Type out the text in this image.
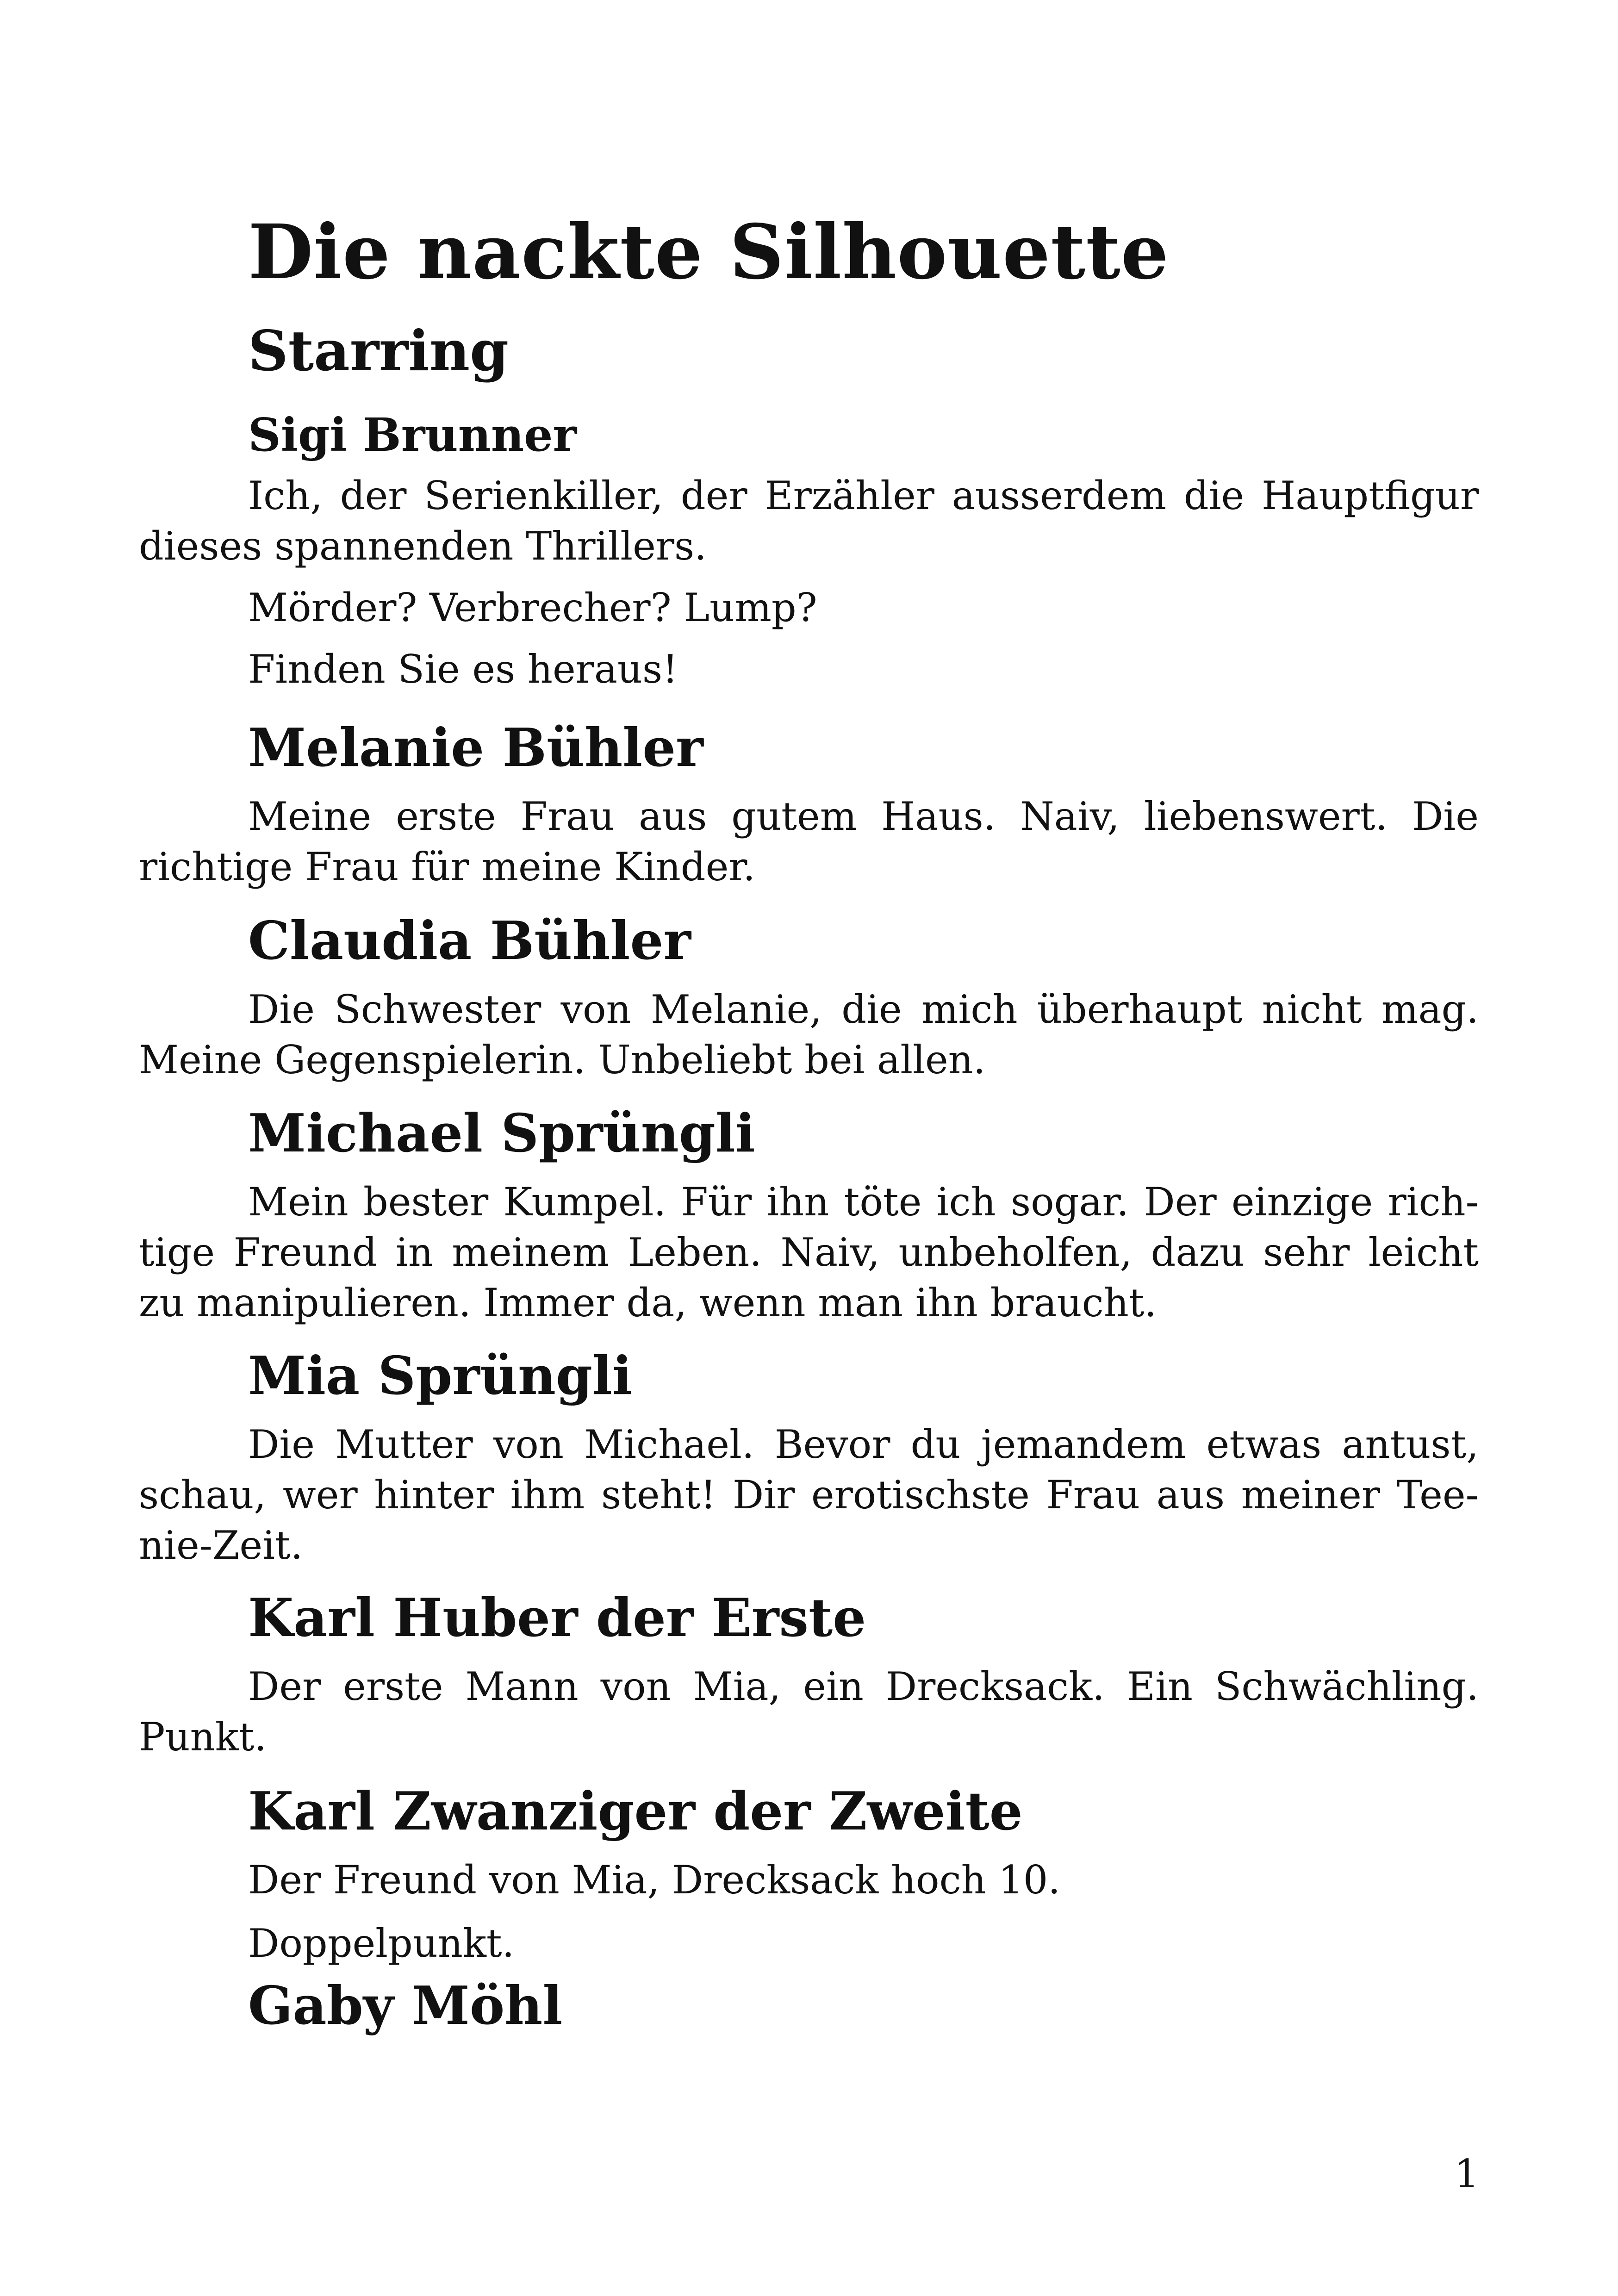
Die nackte Silhouette
Starring
Sigi Brunner

Ich, der Serienkiller, der Erzähler ausserdem die Hauptfigur dieses spannenden Thrillers.

Mörder? Verbrecher? Lump?

Finden Sie es heraus!

Melanie Bühler

Meine erste Frau aus gutem Haus. Naiv, liebenswert. Die richtige Frau für meine Kinder.

Claudia Bühler

Die Schwester von Melanie, die mich überhaupt nicht mag. Meine Gegenspielerin. Unbeliebt bei allen.

Michael Sprüngli

Mein bester Kumpel. Für ihn töte ich sogar. Der einzige richtige Freund in meinem Leben. Naiv, unbeholfen, dazu sehr leicht zu manipulieren. Immer da, wenn man ihn braucht.

Mia Sprüngli

Die Mutter von Michael. Bevor du jemandem etwas antust, schau, wer hinter ihm steht! Dir erotischste Frau aus meiner Teenie-Zeit.

Karl Huber der Erste

Der erste Mann von Mia, ein Drecksack. Ein Schwächling. Punkt.

Karl Zwanziger der Zweite

Der Freund von Mia, Drecksack hoch 10.

Doppelpunkt.

Gaby Möhl
1
